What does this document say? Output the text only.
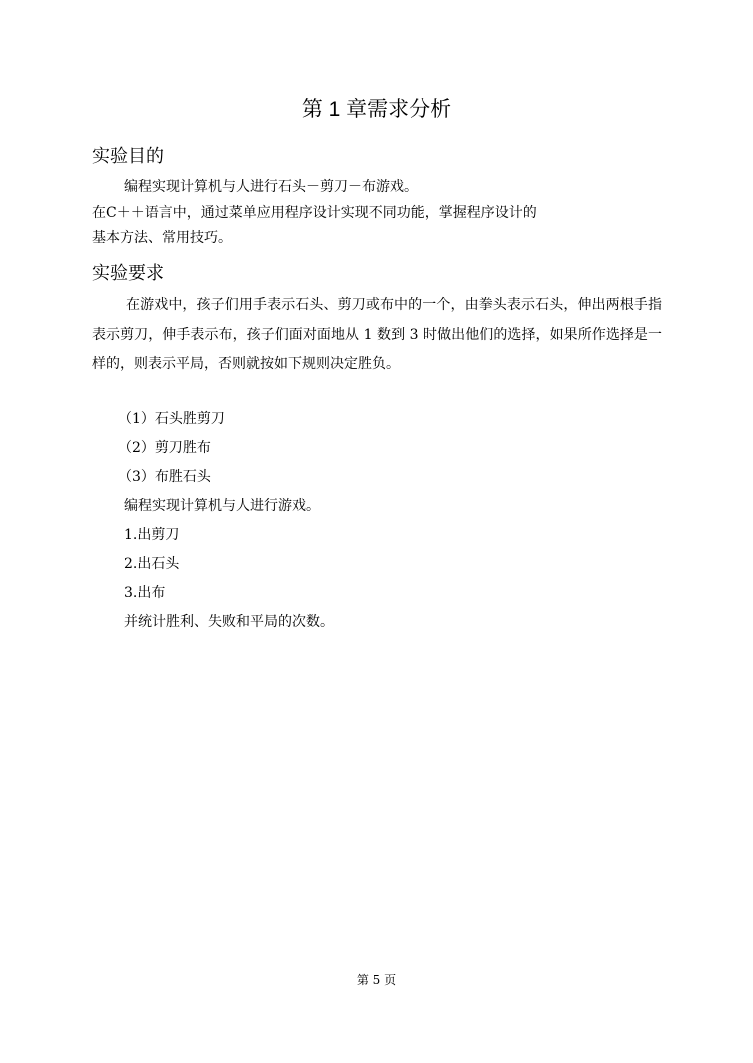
第 1 章需求分析
实验目的

编程实现计算机与人进行石头－剪刀－布游戏。

在C＋＋语言中，通过菜单应用程序设计实现不同功能，掌握程序设计的

基本方法、常用技巧。

实验要求

在游戏中，孩子们用手表示石头、剪刀或布中的一个，由拳头表示石头，伸出两根手指表示剪刀，伸手表示布，孩子们面对面地从 1 数到 3 时做出他们的选择，如果所作选择是一样的，则表示平局，否则就按如下规则决定胜负。

（1）石头胜剪刀

（2）剪刀胜布

（3）布胜石头

编程实现计算机与人进行游戏。

1.出剪刀

2.出石头

3.出布

并统计胜利、失败和平局的次数。

第 5 页
